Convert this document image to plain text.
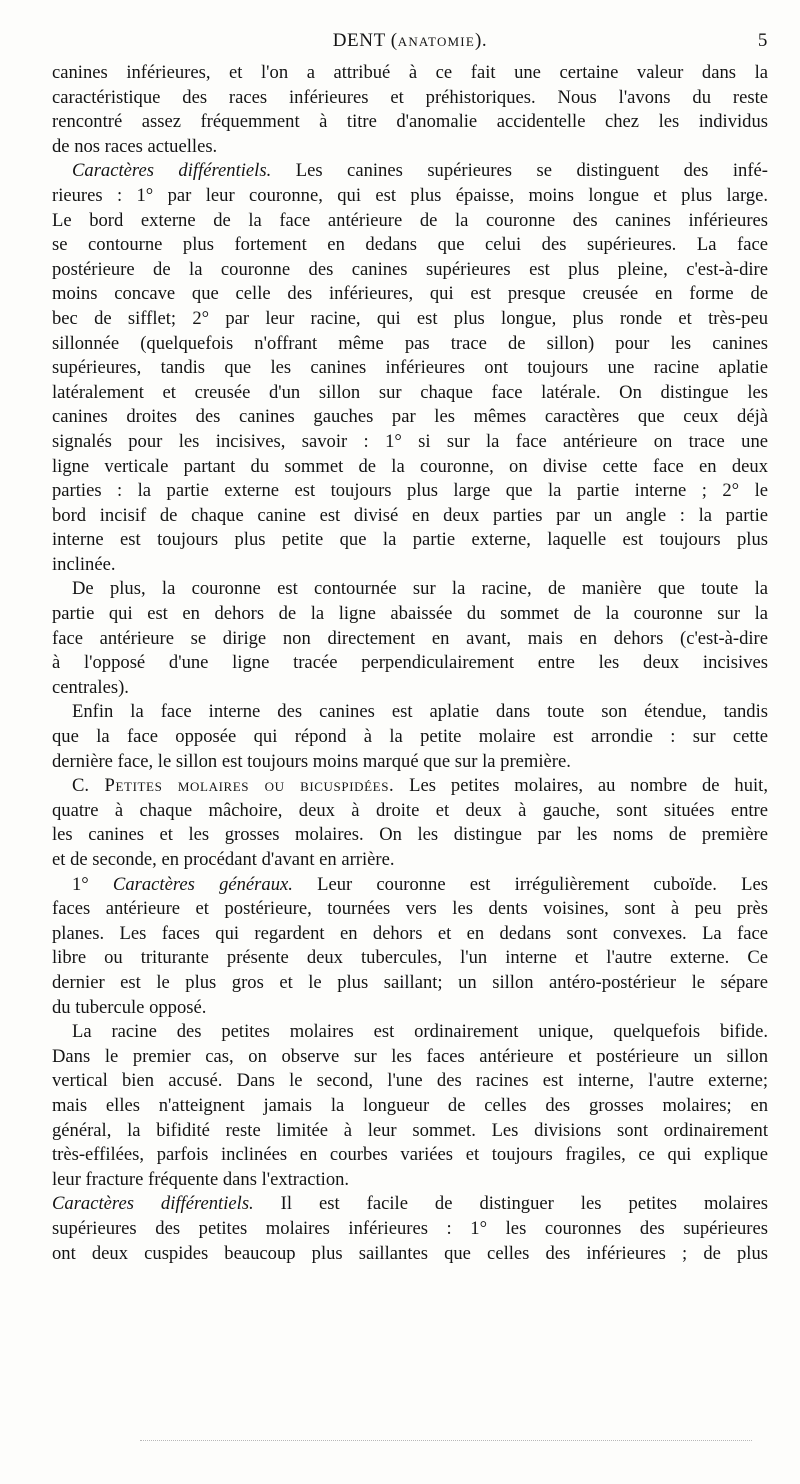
DENT (ANATOMIE).	5
canines inférieures, et l'on a attribué à ce fait une certaine valeur dans la
caractéristique des races inférieures et préhistoriques. Nous l'avons du reste
rencontré assez fréquemment à titre d'anomalie accidentelle chez les individus
de nos races actuelles.
Caractères différentiels. Les canines supérieures se distinguent des infé-
rieures : 1° par leur couronne, qui est plus épaisse, moins longue et plus large.
Le bord externe de la face antérieure de la couronne des canines inférieures
se contourne plus fortement en dedans que celui des supérieures. La face
postérieure de la couronne des canines supérieures est plus pleine, c'est-à-dire
moins concave que celle des inférieures, qui est presque creusée en forme de
bec de sifflet; 2° par leur racine, qui est plus longue, plus ronde et très-peu
sillonnée (quelquefois n'offrant même pas trace de sillon) pour les canines
supérieures, tandis que les canines inférieures ont toujours une racine aplatie
latéralement et creusée d'un sillon sur chaque face latérale. On distingue les
canines droites des canines gauches par les mêmes caractères que ceux déjà
signalés pour les incisives, savoir : 1° si sur la face antérieure on trace une
ligne verticale partant du sommet de la couronne, on divise cette face en deux
parties : la partie externe est toujours plus large que la partie interne ; 2° le
bord incisif de chaque canine est divisé en deux parties par un angle : la partie
interne est toujours plus petite que la partie externe, laquelle est toujours plus
inclinée.
De plus, la couronne est contournée sur la racine, de manière que toute la
partie qui est en dehors de la ligne abaissée du sommet de la couronne sur la
face antérieure se dirige non directement en avant, mais en dehors (c'est-à-dire
à l'opposé d'une ligne tracée perpendiculairement entre les deux incisives
centrales).
Enfin la face interne des canines est aplatie dans toute son étendue, tandis
que la face opposée qui répond à la petite molaire est arrondie : sur cette
dernière face, le sillon est toujours moins marqué que sur la première.
C. Petites molaires ou bicuspidées. Les petites molaires, au nombre de huit,
quatre à chaque mâchoire, deux à droite et deux à gauche, sont situées entre
les canines et les grosses molaires. On les distingue par les noms de première
et de seconde, en procédant d'avant en arrière.
1° Caractères généraux. Leur couronne est irrégulièrement cuboïde. Les
faces antérieure et postérieure, tournées vers les dents voisines, sont à peu près
planes. Les faces qui regardent en dehors et en dedans sont convexes. La face
libre ou triturante présente deux tubercules, l'un interne et l'autre externe. Ce
dernier est le plus gros et le plus saillant; un sillon antéro-postérieur le sépare
du tubercule opposé.
La racine des petites molaires est ordinairement unique, quelquefois bifide.
Dans le premier cas, on observe sur les faces antérieure et postérieure un sillon
vertical bien accusé. Dans le second, l'une des racines est interne, l'autre externe;
mais elles n'atteignent jamais la longueur de celles des grosses molaires; en
général, la bifidité reste limitée à leur sommet. Les divisions sont ordinairement
très-effilées, parfois inclinées en courbes variées et toujours fragiles, ce qui explique
leur fracture fréquente dans l'extraction.
Caractères différentiels. Il est facile de distinguer les petites molaires
supérieures des petites molaires inférieures : 1° les couronnes des supérieures
ont deux cuspides beaucoup plus saillantes que celles des inférieures ; de plus
